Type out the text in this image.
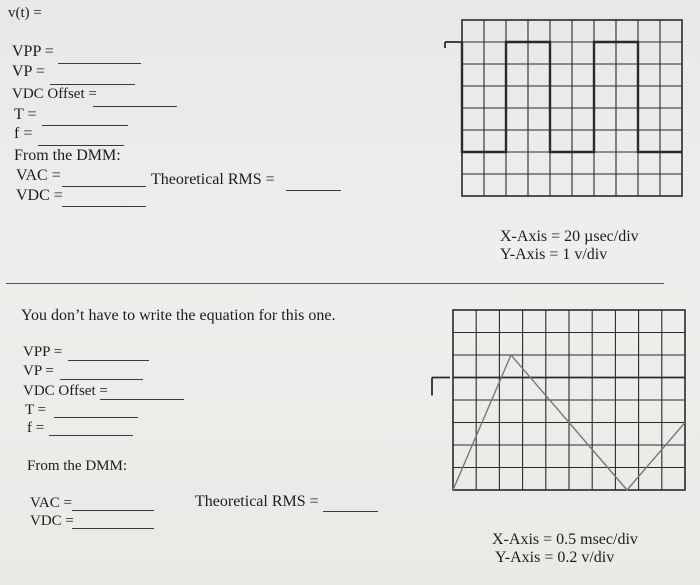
v(t) =
VPP =
VP =
VDC Offset =
T =
f =
From the DMM:
VAC =
VDC =
Theoretical RMS =
X-Axis = 20 µsec/div
Y-Axis = 1 v/div
You don’t have to write the equation for this one.
VPP =
VP =
VDC Offset =
T =
f =
From the DMM:
VAC =
VDC =
Theoretical RMS =
X-Axis = 0.5 msec/div
Y-Axis = 0.2 v/div
